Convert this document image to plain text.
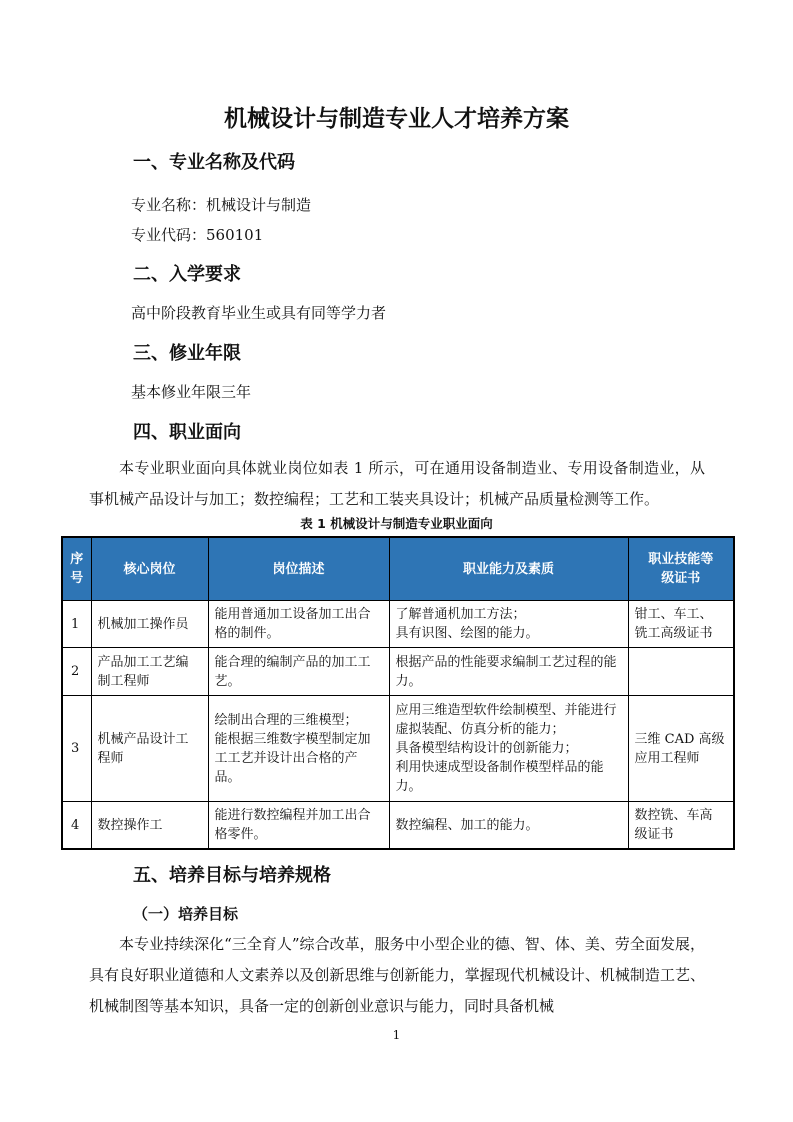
机械设计与制造专业人才培养方案
一、专业名称及代码
专业名称：机械设计与制造
专业代码：560101
二、入学要求
高中阶段教育毕业生或具有同等学力者
三、修业年限
基本修业年限三年
四、职业面向
本专业职业面向具体就业岗位如表 1 所示，可在通用设备制造业、专用设备制造业，从事机械产品设计与加工；数控编程；工艺和工装夹具设计；机械产品质量检测等工作。
表 1 机械设计与制造专业职业面向
序
号	核心岗位	岗位描述	职业能力及素质	职业技能等
级证书

1	机械加工操作员	能用普通加工设备加工出合格的制件。	了解普通机加工方法；
具有识图、绘图的能力。	钳工、车工、
铣工高级证书

2	产品加工工艺编
制工程师	能合理的编制产品的加工工艺。	根据产品的性能要求编制工艺过程的能力。	
3	机械产品设计工
程师	绘制出合理的三维模型；
能根据三维数字模型制定加工工艺并设计出合格的产品。	应用三维造型软件绘制模型、并能进行虚拟装配、仿真分析的能力；
具备模型结构设计的创新能力；
利用快速成型设备制作模型样品的能力。	三维 CAD 高级
应用工程师

4	数控操作工	能进行数控编程并加工出合格零件。	数控编程、加工的能力。	数控铣、车高
级证书
五、培养目标与培养规格
（一）培养目标
本专业持续深化“三全育人”综合改革，服务中小型企业的德、智、体、美、劳全面发展，具有良好职业道德和人文素养以及创新思维与创新能力，掌握现代机械设计、机械制造工艺、机械制图等基本知识，具备一定的创新创业意识与能力，同时具备机械
1
